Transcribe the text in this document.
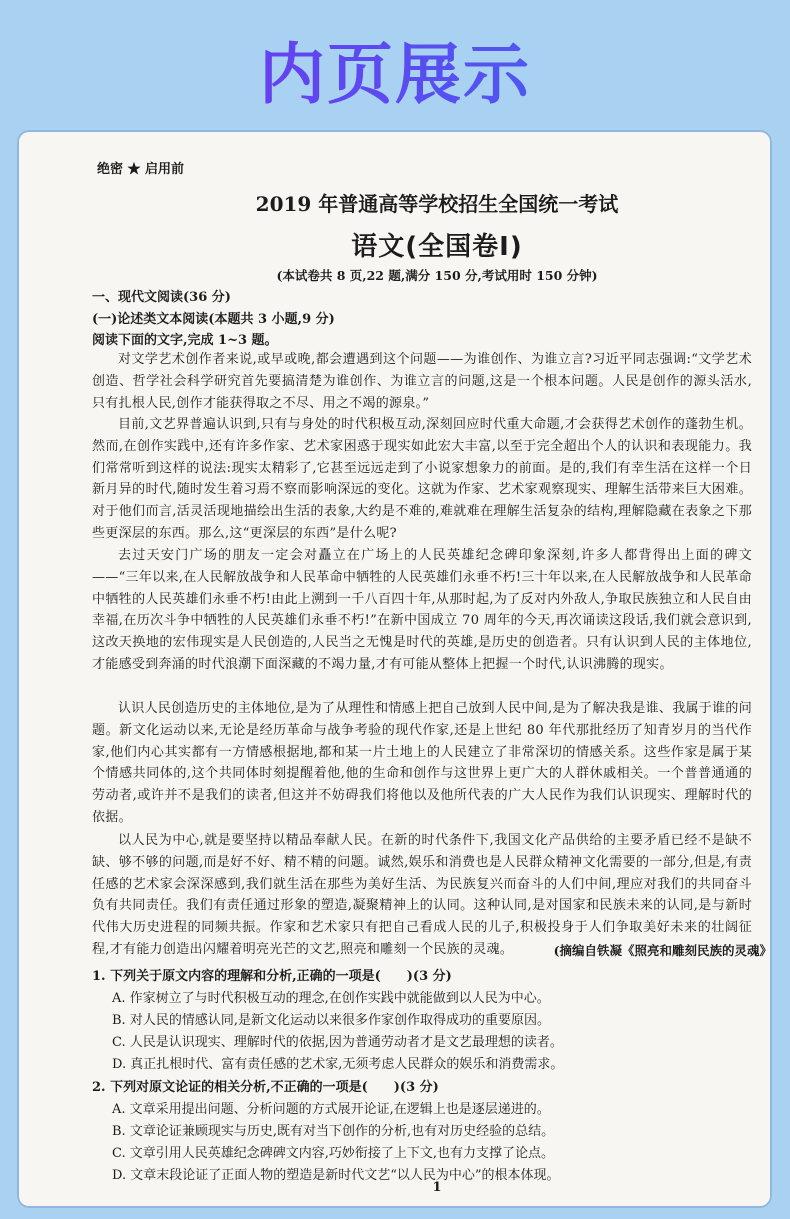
内页展示
绝密 ★ 启用前
2019 年普通高等学校招生全国统一考试
语文(全国卷Ⅰ)
(本试卷共 8 页,22 题,满分 150 分,考试用时 150 分钟)
一、现代文阅读(36 分)
(一)论述类文本阅读(本题共 3 小题,9 分)
阅读下面的文字,完成 1~3 题。
对文学艺术创作者来说,或早或晚,都会遭遇到这个问题——为谁创作、为谁立言?习近平同志强调:“文学艺术创造、哲学社会科学研究首先要搞清楚为谁创作、为谁立言的问题,这是一个根本问题。人民是创作的源头活水,只有扎根人民,创作才能获得取之不尽、用之不竭的源泉。”
目前,文艺界普遍认识到,只有与身处的时代积极互动,深刻回应时代重大命题,才会获得艺术创作的蓬勃生机。然而,在创作实践中,还有许多作家、艺术家困惑于现实如此宏大丰富,以至于完全超出个人的认识和表现能力。我们常常听到这样的说法:现实太精彩了,它甚至远远走到了小说家想象力的前面。是的,我们有幸生活在这样一个日新月异的时代,随时发生着习焉不察而影响深远的变化。这就为作家、艺术家观察现实、理解生活带来巨大困难。对于他们而言,活灵活现地描绘出生活的表象,大约是不难的,难就难在理解生活复杂的结构,理解隐藏在表象之下那些更深层的东西。那么,这“更深层的东西”是什么呢?
去过天安门广场的朋友一定会对矗立在广场上的人民英雄纪念碑印象深刻,许多人都背得出上面的碑文——“三年以来,在人民解放战争和人民革命中牺牲的人民英雄们永垂不朽!三十年以来,在人民解放战争和人民革命中牺牲的人民英雄们永垂不朽!由此上溯到一千八百四十年,从那时起,为了反对内外敌人,争取民族独立和人民自由幸福,在历次斗争中牺牲的人民英雄们永垂不朽!”在新中国成立 70 周年的今天,再次诵读这段话,我们就会意识到,这改天换地的宏伟现实是人民创造的,人民当之无愧是时代的英雄,是历史的创造者。只有认识到人民的主体地位,才能感受到奔涌的时代浪潮下面深藏的不竭力量,才有可能从整体上把握一个时代,认识沸腾的现实。
认识人民创造历史的主体地位,是为了从理性和情感上把自己放到人民中间,是为了解决我是谁、我属于谁的问题。新文化运动以来,无论是经历革命与战争考验的现代作家,还是上世纪 80 年代那批经历了知青岁月的当代作家,他们内心其实都有一方情感根据地,都和某一片土地上的人民建立了非常深切的情感关系。这些作家是属于某个情感共同体的,这个共同体时刻提醒着他,他的生命和创作与这世界上更广大的人群休戚相关。一个普普通通的劳动者,或许并不是我们的读者,但这并不妨碍我们将他以及他所代表的广大人民作为我们认识现实、理解时代的依据。
以人民为中心,就是要坚持以精品奉献人民。在新的时代条件下,我国文化产品供给的主要矛盾已经不是缺不缺、够不够的问题,而是好不好、精不精的问题。诚然,娱乐和消费也是人民群众精神文化需要的一部分,但是,有责任感的艺术家会深深感到,我们就生活在那些为美好生活、为民族复兴而奋斗的人们中间,理应对我们的共同奋斗负有共同责任。我们有责任通过形象的塑造,凝聚精神上的认同。这种认同,是对国家和民族未来的认同,是与新时代伟大历史进程的同频共振。作家和艺术家只有把自己看成人民的儿子,积极投身于人们争取美好未来的壮阔征程,才有能力创造出闪耀着明亮光芒的文艺,照亮和雕刻一个民族的灵魂。	(摘编自铁凝《照亮和雕刻民族的灵魂》
1. 下列关于原文内容的理解和分析,正确的一项是(　　)(3 分)
A. 作家树立了与时代积极互动的理念,在创作实践中就能做到以人民为中心。
B. 对人民的情感认同,是新文化运动以来很多作家创作取得成功的重要原因。
C. 人民是认识现实、理解时代的依据,因为普通劳动者才是文艺最理想的读者。
D. 真正扎根时代、富有责任感的艺术家,无须考虑人民群众的娱乐和消费需求。
2. 下列对原文论证的相关分析,不正确的一项是(　　)(3 分)
A. 文章采用提出问题、分析问题的方式展开论证,在逻辑上也是逐层递进的。
B. 文章论证兼顾现实与历史,既有对当下创作的分析,也有对历史经验的总结。
C. 文章引用人民英雄纪念碑碑文内容,巧妙衔接了上下文,也有力支撑了论点。
D. 文章末段论证了正面人物的塑造是新时代文艺“以人民为中心”的根本体现。
1
